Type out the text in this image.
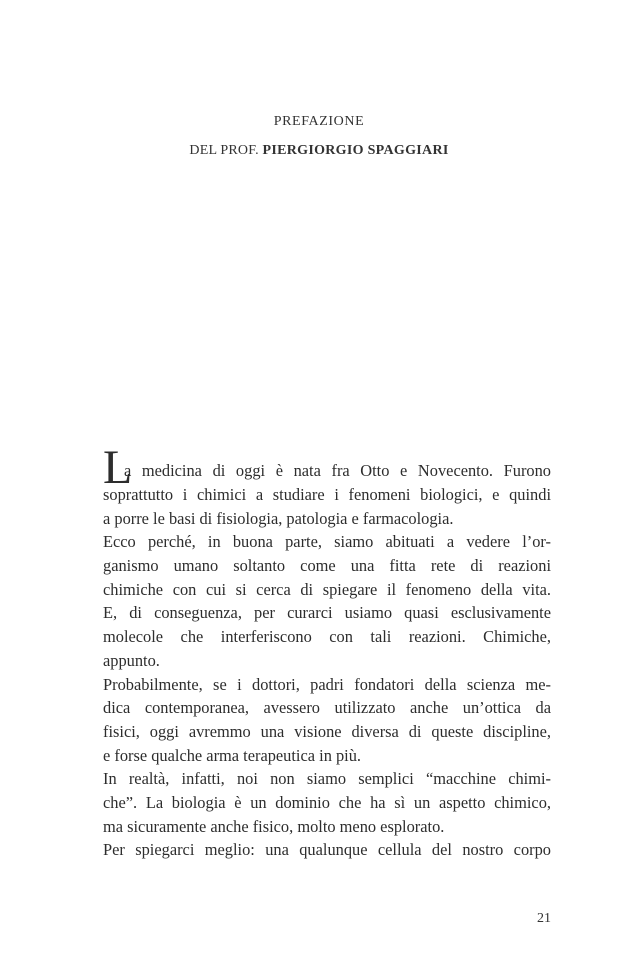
PREFAZIONE
DEL PROF. PIERGIORGIO SPAGGIARI
L
a medicina di oggi è nata fra Otto e Novecento. Furono
soprattutto i chimici a studiare i fenomeni biologici, e quindi
a porre le basi di fisiologia, patologia e farmacologia.
Ecco perché, in buona parte, siamo abituati a vedere l’or-
ganismo umano soltanto come una fitta rete di reazioni
chimiche con cui si cerca di spiegare il fenomeno della vita.
E, di conseguenza, per curarci usiamo quasi esclusivamente
molecole che interferiscono con tali reazioni. Chimiche,
appunto.
Probabilmente, se i dottori, padri fondatori della scienza me-
dica contemporanea, avessero utilizzato anche un’ottica da
fisici, oggi avremmo una visione diversa di queste discipline,
e forse qualche arma terapeutica in più.
In realtà, infatti, noi non siamo semplici “macchine chimi-
che”. La biologia è un dominio che ha sì un aspetto chimico,
ma sicuramente anche fisico, molto meno esplorato.
Per spiegarci meglio: una qualunque cellula del nostro corpo
21
